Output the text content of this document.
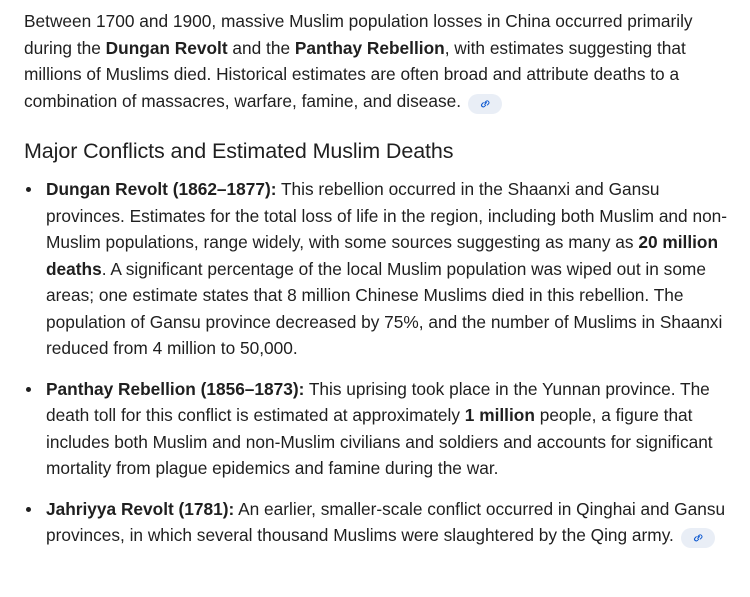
Between 1700 and 1900, massive Muslim population losses in China occurred primarily during the Dungan Revolt and the Panthay Rebellion, with estimates suggesting that millions of Muslims died. Historical estimates are often broad and attribute deaths to a combination of massacres, warfare, famine, and disease.

Major Conflicts and Estimated Muslim Deaths
Dungan Revolt (1862–1877): This rebellion occurred in the Shaanxi and Gansu provinces. Estimates for the total loss of life in the region, including both Muslim and non-Muslim populations, range widely, with some sources suggesting as many as 20 million deaths. A significant percentage of the local Muslim population was wiped out in some areas; one estimate states that 8 million Chinese Muslims died in this rebellion. The population of Gansu province decreased by 75%, and the number of Muslims in Shaanxi reduced from 4 million to 50,000.
Panthay Rebellion (1856–1873): This uprising took place in the Yunnan province. The death toll for this conflict is estimated at approximately 1 million people, a figure that includes both Muslim and non-Muslim civilians and soldiers and accounts for significant mortality from plague epidemics and famine during the war.
Jahriyya Revolt (1781): An earlier, smaller-scale conflict occurred in Qinghai and Gansu provinces, in which several thousand Muslims were slaughtered by the Qing army.
